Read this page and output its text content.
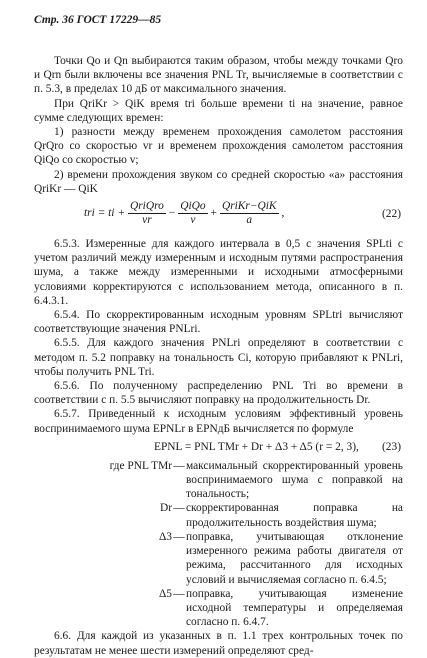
Стр. 36 ГОСТ 17229—85

Точки Qo и Qn выбираются таким образом, чтобы между точками Qro и Qrn были включены все значения PNL Tr, вычисляемые в соответствии с п. 5.3, в пределах 10 дБ от максимального значения.

При QriKr > QiK время tri больше времени ti на значение, равное сумме следующих времен:

1) разности между временем прохождения самолетом расстояния QrQro со скоростью vr и временем прохождения самолетом расстояния QiQo со скоростью v;

2) времени прохождения звуком со средней скоростью «а» расстояния QriKr — QiK

tri = ti + $\frac{\text{QriQro}}{vr} - \frac{\text{QiQo}}{v} + \frac{\text{QriKr−QiK}}{a}$ ,	(22)

6.5.3. Измеренные для каждого интервала в 0,5 с значения SPLti с учетом различий между измеренным и исходным путями распространения шума, а также между измеренными и исходными атмосферными условиями корректируются с использованием метода, описанного в п. 6.4.3.1.

6.5.4. По скорректированным исходным уровням SPLtri вычисляют соответствующие значения PNLri.

6.5.5. Для каждого значения PNLri определяют в соответствии с методом п. 5.2 поправку на тональность Ci, которую прибавляют к PNLri, чтобы получить PNL Tri.

6.5.6. По полученному распределению PNL Tri во времени в соответствии с п. 5.5 вычисляют поправку на продолжительность Dr.

6.5.7. Приведенный к исходным условиям эффективный уровень воспринимаемого шума EPNLr в EPNдБ вычисляется по формуле

EPNL = PNL TMr + Dr + Δ3 + Δ5 (r = 2, 3), (23)
где PNL TMr — максимальный скорректированный уровень воспринимаемого шума с поправкой на тональность;
Dr — скорректированная поправка на продолжительность воздействия шума;
Δ3 — поправка, учитывающая отклонение измеренного режима работы двигателя от режима, рассчитанного для исходных условий и вычисляемая согласно п. 6.4.5;
Δ5 — поправка, учитывающая изменение исходной температуры и определяемая согласно п. 6.4.7.

6.6. Для каждой из указанных в п. 1.1 трех контрольных точек по результатам не менее шести измерений определяют сред-
